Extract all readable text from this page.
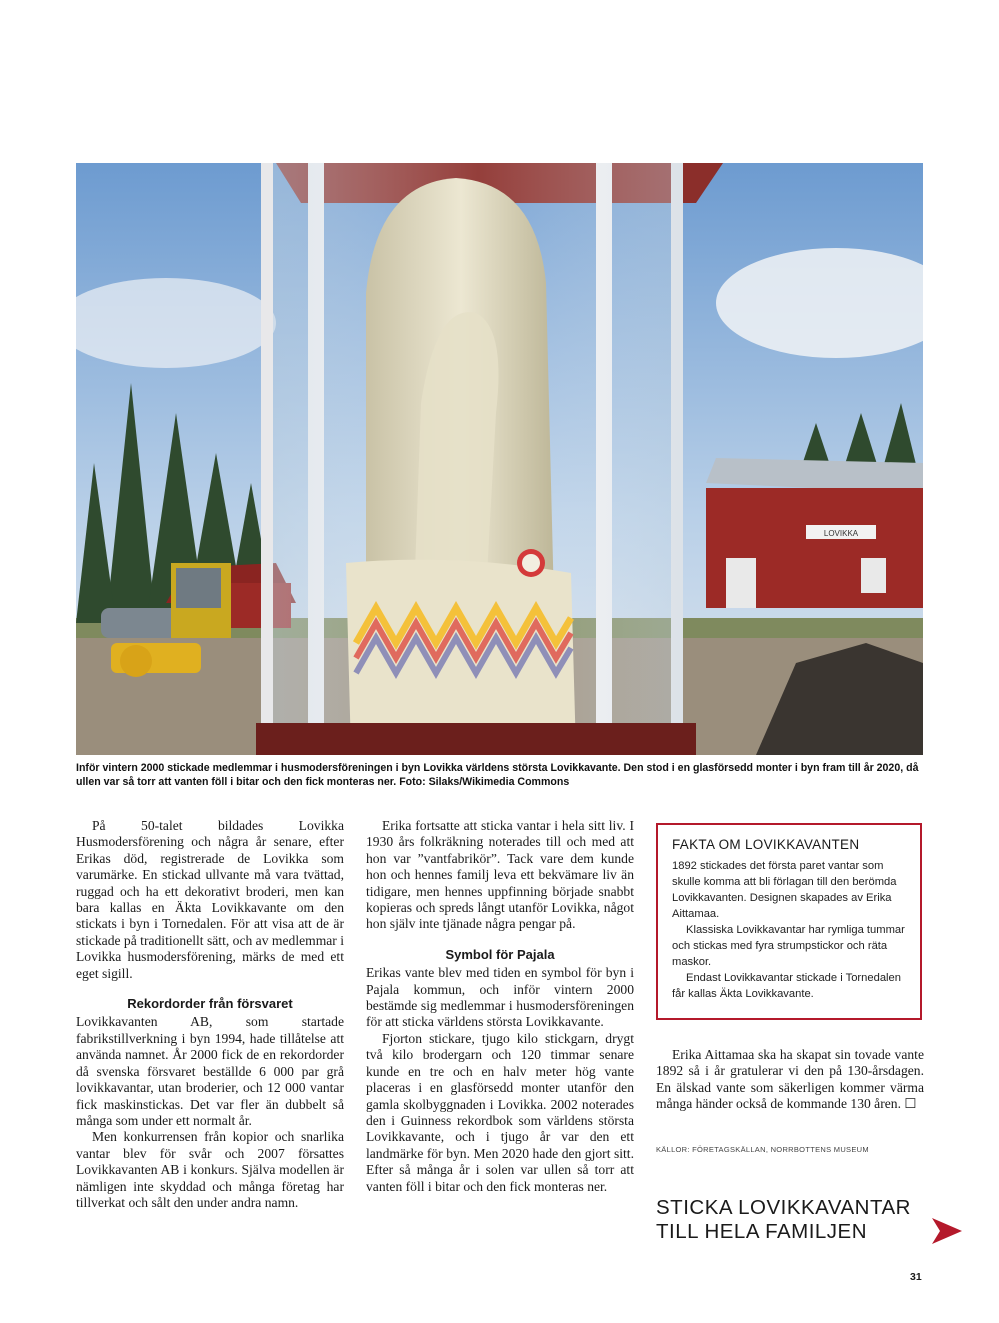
LOVIKKA
Inför vintern 2000 stickade medlemmar i husmodersföreningen i byn Lovikka världens största Lovikkavante. Den stod i en glasförsedd monter i byn fram till år 2020, då ullen var så torr att vanten föll i bitar och den fick monteras ner. Foto: Silaks/Wikimedia Commons

På 50-talet bildades Lovikka Husmodersförening och några år senare, efter Erikas död, registrerade de Lovikka som varumärke. En stickad ullvante må vara tvättad, ruggad och ha ett dekorativt broderi, men kan bara kallas en Äkta Lovikkavante om den stickats i byn i Tornedalen. För att visa att de är stickade på traditionellt sätt, och av medlemmar i Lovikka husmodersförening, märks de med ett eget sigill.

Rekordorder från försvaret

Lovikkavanten AB, som startade fabrikstillverkning i byn 1994, hade tillåtelse att använda namnet. År 2000 fick de en rekordorder då svenska försvaret beställde 6 000 par grå lovikkavantar, utan broderier, och 12 000 vantar fick maskinstickas. Det var fler än dubbelt så många som under ett normalt år.

Men konkurrensen från kopior och snarlika vantar blev för svår och 2007 försattes Lovikkavanten AB i konkurs. Själva modellen är nämligen inte skyddad och många företag har tillverkat och sålt den under andra namn.

Erika fortsatte att sticka vantar i hela sitt liv. I 1930 års folkräkning noterades till och med att hon var ”vantfabrikör”. Tack vare dem kunde hon och hennes familj leva ett bekvämare liv än tidigare, men hennes uppfinning började snabbt kopieras och spreds långt utanför Lovikka, något hon själv inte tjänade några pengar på.

Symbol för Pajala

Erikas vante blev med tiden en symbol för byn i Pajala kommun, och inför vintern 2000 bestämde sig medlemmar i husmodersföreningen för att sticka världens största Lovikkavante.

Fjorton stickare, tjugo kilo stickgarn, drygt två kilo brodergarn och 120 timmar senare kunde en tre och en halv meter hög vante placeras i en glasförsedd monter utanför den gamla skolbyggnaden i Lovikka. 2002 noterades den i Guinness rekordbok som världens största Lovikkavante, och i tjugo år var den ett landmärke för byn. Men 2020 hade den gjort sitt. Efter så många år i solen var ullen så torr att vanten föll i bitar och den fick monteras ner.

FAKTA OM LOVIKKAVANTEN

1892 stickades det första paret vantar som skulle komma att bli förlagan till den berömda Lovikkavanten. Designen skapades av Erika Aittamaa.

Klassiska Lovikkavantar har rymliga tummar och stickas med fyra strumpstickor och räta maskor.

Endast Lovikkavantar stickade i Tornedalen får kallas Äkta Lovikkavante.

Erika Aittamaa ska ha skapat sin tovade vante 1892 så i år gratulerar vi den på 130-årsdagen. En älskad vante som säkerligen kommer värma många händer också de kommande 130 åren. ☐

KÄLLOR: FÖRETAGSKÄLLAN, NORRBOTTENS MUSEUM
STICKA LOVIKKAVANTAR
TILL HELA FAMILJEN
31
